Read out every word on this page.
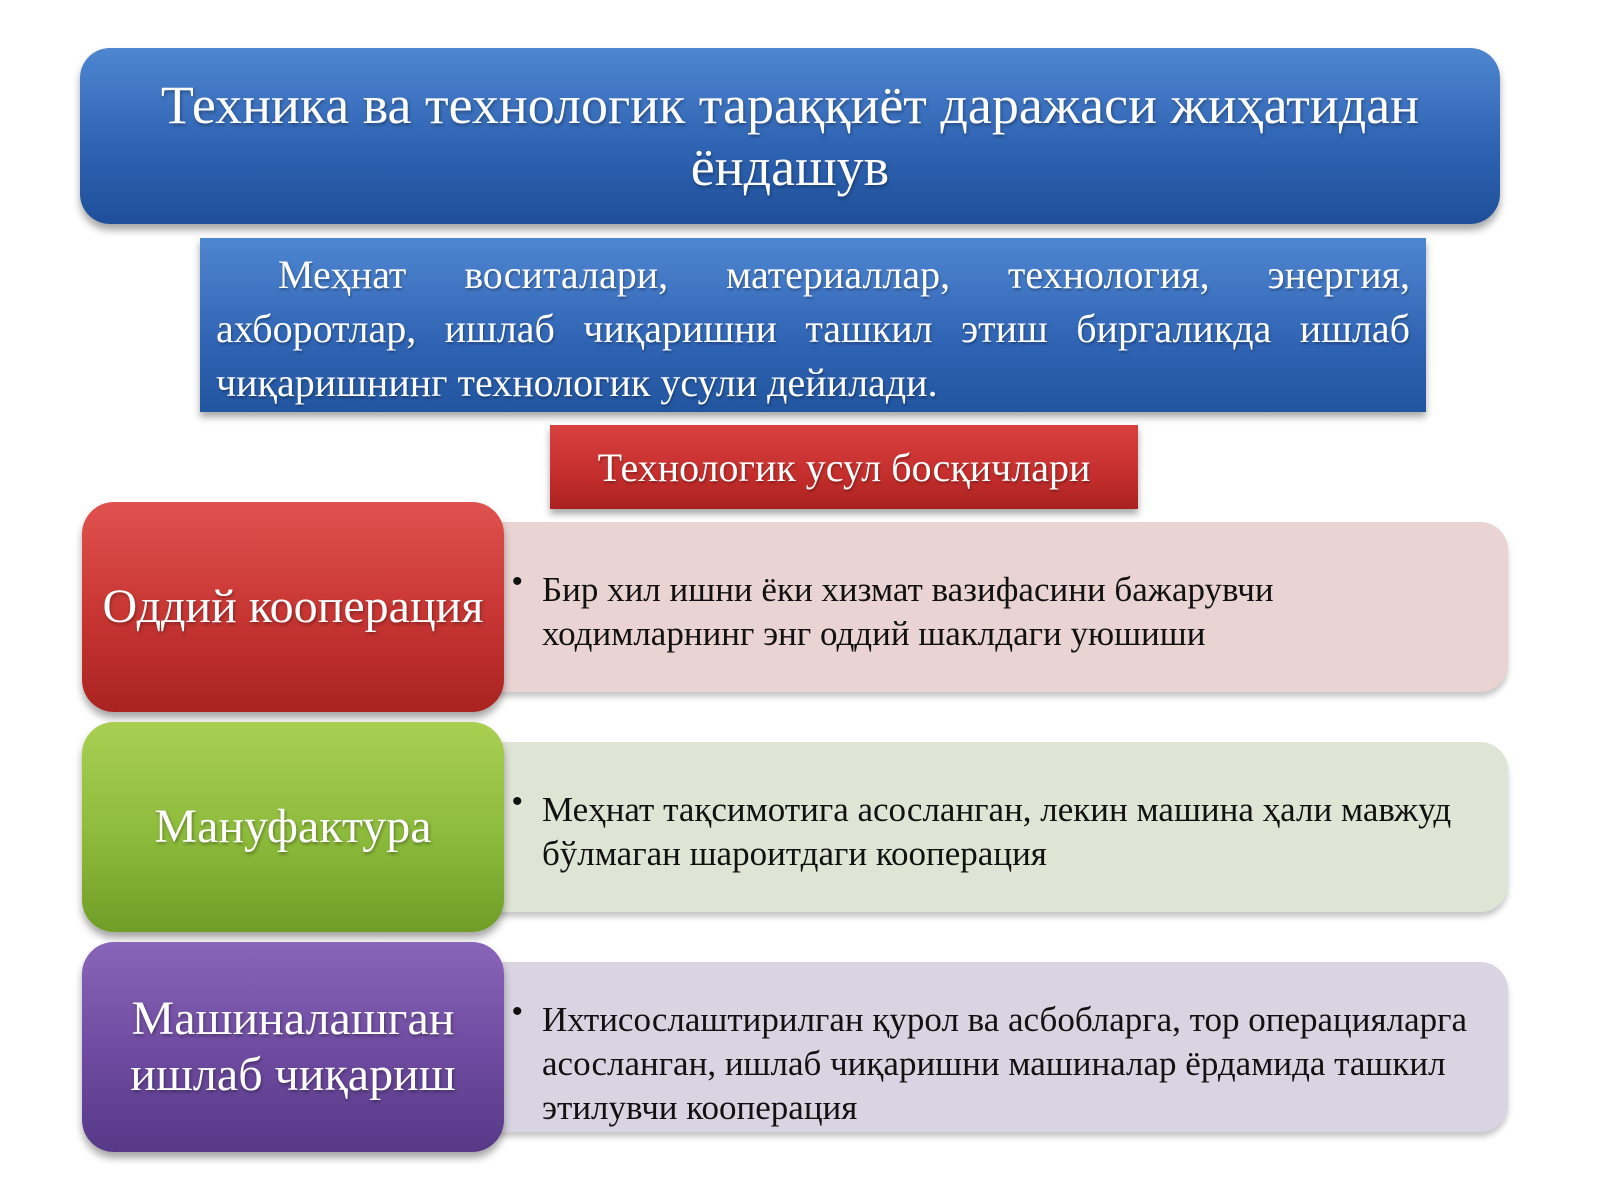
Техника ва технологик тараққиёт даражаси жиҳатидан ёндашув

Меҳнат воситалари, материаллар, технология, энергия, ахборотлар, ишлаб чиқаришни ташкил этиш биргаликда ишлаб чиқаришнинг технологик усули дейилади.

Технологик усул босқичлари
• Бир хил ишни ёки хизмат вазифасини бажарувчи ходимларнинг энг оддий шаклдаги уюшиши
Оддий кооперация
• Меҳнат тақсимотига асосланган, лекин машина ҳали мавжуд бўлмаган шароитдаги кооперация
Мануфактура
• Ихтисослаштирилган қурол ва асбобларга, тор операцияларга асосланган, ишлаб чиқаришни машиналар ёрдамида ташкил этилувчи кооперация
Машиналашган ишлаб чиқариш
